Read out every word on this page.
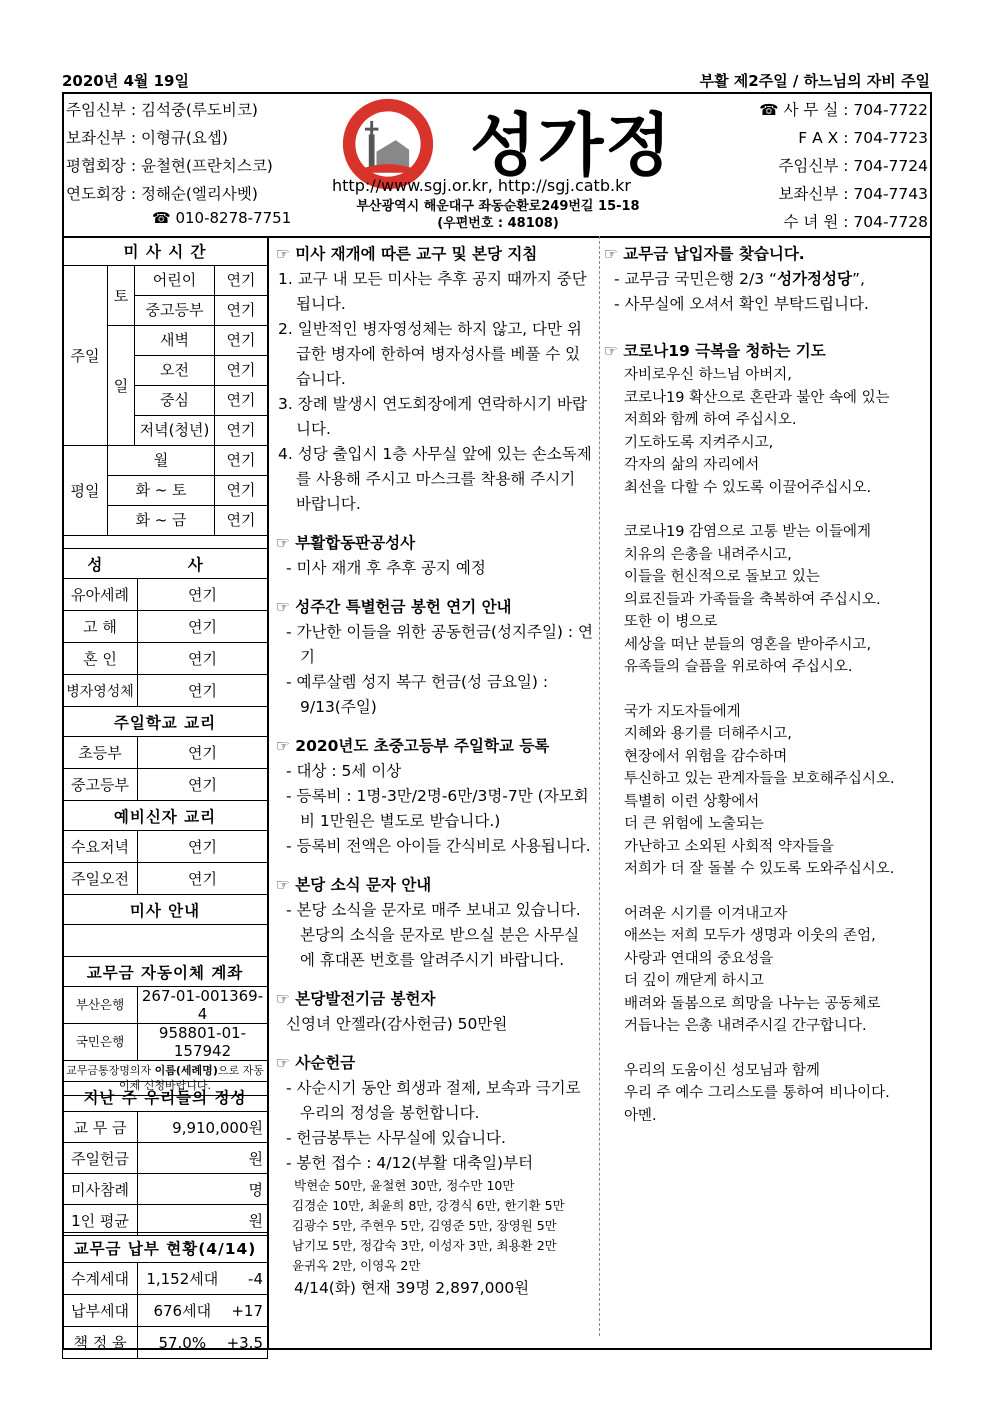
2020년 4월 19일	부활 제2주일 / 하느님의 자비 주일
주임신부 : 김석중(루도비코)
보좌신부 : 이형규(요셉)
평협회장 : 윤철현(프란치스코)
연도회장 : 정해순(엘리사벳)
☎ 010-8278-7751
성가정
http://www.sgj.or.kr, http://sgj.catb.kr
부산광역시 해운대구 좌동순환로249번길 15-18
(우편번호 : 48108)
☎ 사 무 실 : 704-7722
F A X : 704-7723
주임신부 : 704-7724
보좌신부 : 704-7743
수 녀 원 : 704-7728
미 사 시 간		
주일	토	어린이 연기

		중고등부 연기

	일	새벽 연기

		오전 연기

		중심 연기

		저녁(청년) 연기

평일	월 연기	

	화 ~ 토 연기	

	화 ~ 금 연기	
성 사	
유아세례	연기
고 해	연기
혼 인	연기
병자영성체	연기
주일학교 교리	
초등부	연기
중고등부	연기
예비신자 교리	
수요저녁	연기
주일오전	연기
미사 안내	

교무금 자동이체 계좌	
부산은행	267-01-001369-4
국민은행	958801-01-157942
교무금통장명의자 이름(세례명)으로 자동이체 신청바랍니다.	
지난 주 우리들의 정성	
교 무 금	9,910,000원
주일헌금	원
미사참례	명
1인 평균	원
교무금 납부 현황(4/14)		
수계세대	1,152세대	-4
납부세대	676세대	+17
책 정 율	57.0%	+3.5
☞ 미사 재개에 따른 교구 및 본당 지침
1. 교구 내 모든 미사는 추후 공지 때까지 중단됩니다.
2. 일반적인 병자영성체는 하지 않고, 다만 위급한 병자에 한하여 병자성사를 베풀 수 있습니다.
3. 장례 발생시 연도회장에게 연락하시기 바랍니다.
4. 성당 출입시 1층 사무실 앞에 있는 손소독제를 사용해 주시고 마스크를 착용해 주시기 바랍니다.
☞ 부활합동판공성사
- 미사 재개 후 추후 공지 예정
☞ 성주간 특별헌금 봉헌 연기 안내
- 가난한 이들을 위한 공동헌금(성지주일) : 연기
- 예루살렘 성지 복구 헌금(성 금요일) : 9/13(주일)
☞ 2020년도 초중고등부 주일학교 등록
- 대상 : 5세 이상
- 등록비 : 1명-3만/2명-6만/3명-7만 (자모회비 1만원은 별도로 받습니다.)
- 등록비 전액은 아이들 간식비로 사용됩니다.
☞ 본당 소식 문자 안내
- 본당 소식을 문자로 매주 보내고 있습니다. 본당의 소식을 문자로 받으실 분은 사무실에 휴대폰 번호를 알려주시기 바랍니다.
☞ 본당발전기금 봉헌자
신영녀 안젤라(감사헌금) 50만원
☞ 사순헌금
- 사순시기 동안 희생과 절제, 보속과 극기로 우리의 정성을 봉헌합니다.
- 헌금봉투는 사무실에 있습니다.
- 봉헌 접수 : 4/12(부활 대축일)부터
박현순 50만, 윤철현 30만, 정수만 10만
김경순 10만, 최윤희 8만, 강경식 6만, 한기환 5만
김광수 5만, 주현우 5만, 김영준 5만, 장영원 5만
남기모 5만, 정갑숙 3만, 이성자 3만, 최용환 2만
윤귀옥 2만, 이영옥 2만
4/14(화) 현재 39명 2,897,000원
☞ 교무금 납입자를 찾습니다.
- 교무금 국민은행 2/3 “성가정성당”,
- 사무실에 오셔서 확인 부탁드립니다.
☞ 코로나19 극복을 청하는 기도
자비로우신 하느님 아버지,
코로나19 확산으로 혼란과 불안 속에 있는
저희와 함께 하여 주십시오.
기도하도록 지켜주시고,
각자의 삶의 자리에서
최선을 다할 수 있도록 이끌어주십시오.
코로나19 감염으로 고통 받는 이들에게
치유의 은총을 내려주시고,
이들을 헌신적으로 돌보고 있는
의료진들과 가족들을 축복하여 주십시오.
또한 이 병으로
세상을 떠난 분들의 영혼을 받아주시고,
유족들의 슬픔을 위로하여 주십시오.
국가 지도자들에게
지혜와 용기를 더해주시고,
현장에서 위험을 감수하며
투신하고 있는 관계자들을 보호해주십시오.
특별히 이런 상황에서
더 큰 위험에 노출되는
가난하고 소외된 사회적 약자들을
저희가 더 잘 돌볼 수 있도록 도와주십시오.
어려운 시기를 이겨내고자
애쓰는 저희 모두가 생명과 이웃의 존엄,
사랑과 연대의 중요성을
더 깊이 깨닫게 하시고
배려와 돌봄으로 희망을 나누는 공동체로
거듭나는 은총 내려주시길 간구합니다.
우리의 도움이신 성모님과 함께
우리 주 예수 그리스도를 통하여 비나이다.
아멘.
